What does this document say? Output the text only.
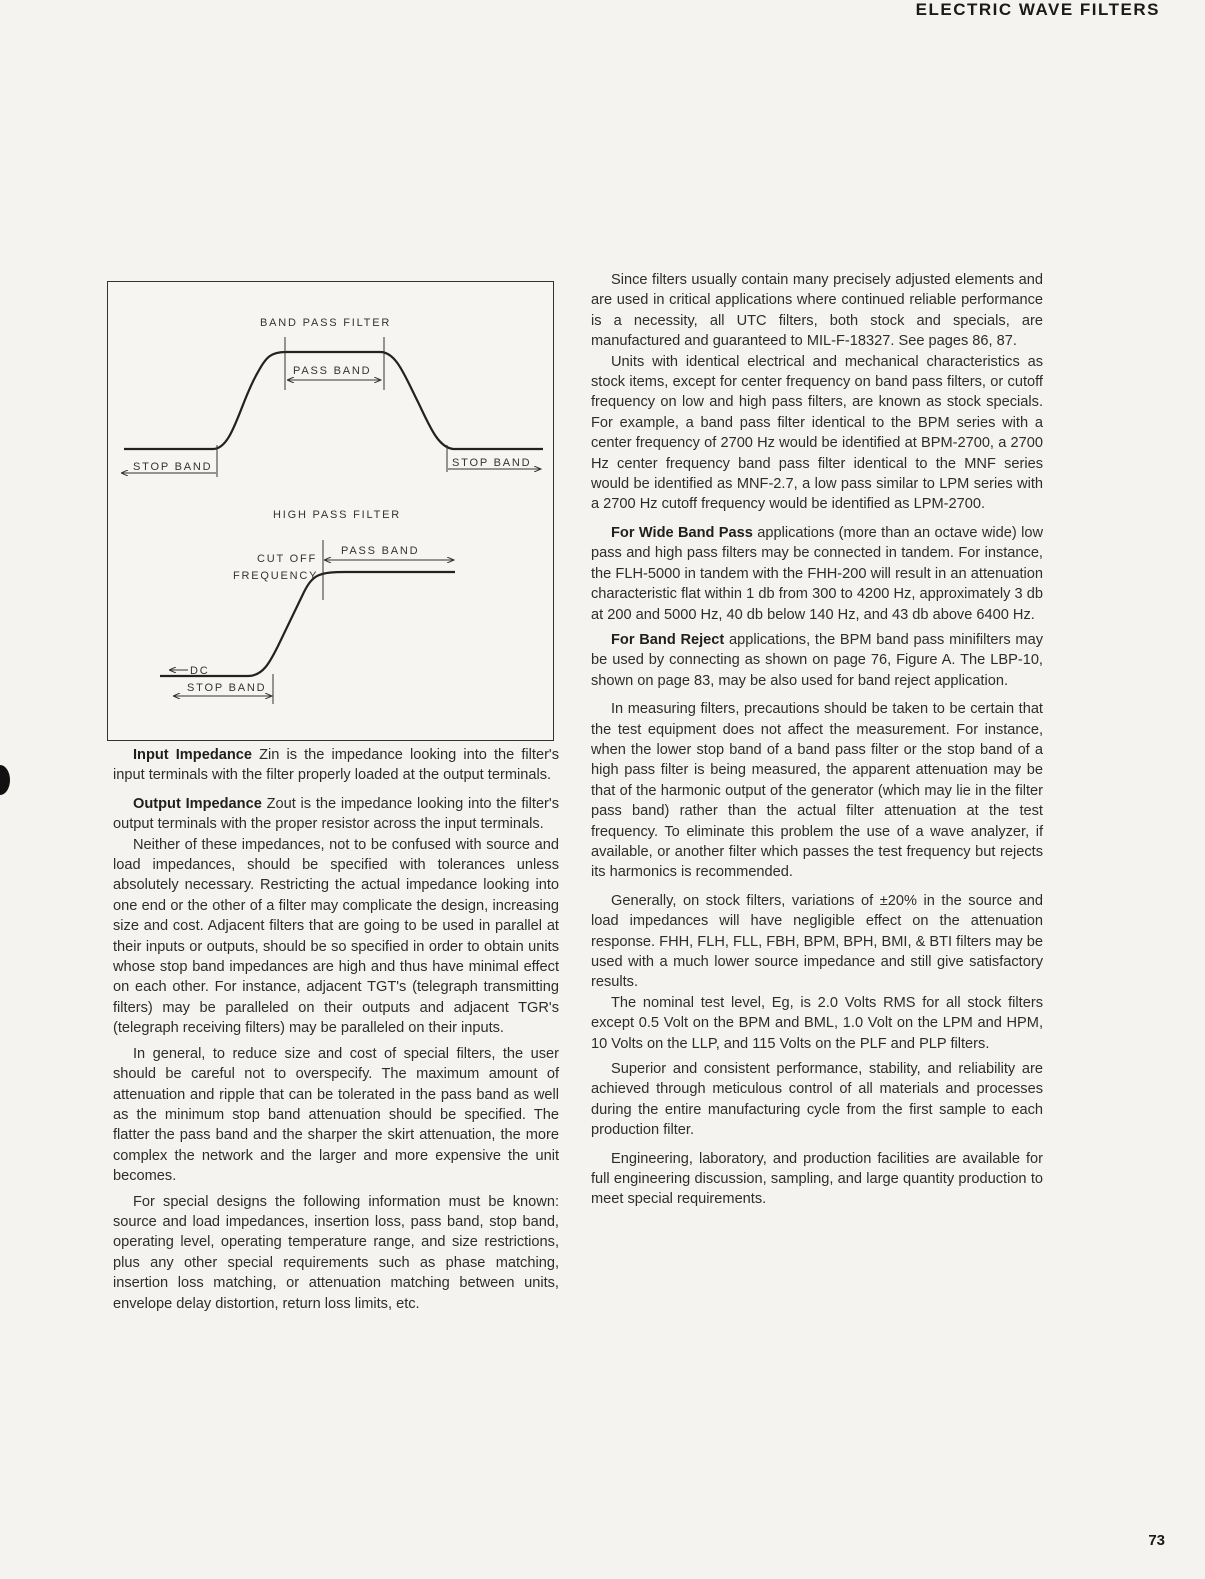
ELECTRIC WAVE FILTERS
BAND PASS FILTER
PASS BAND
STOP BAND	STOP BAND
HIGH PASS FILTER
PASS BAND
CUT OFF
FREQUENCY
DC
STOP BAND

Input Impedance Zin is the impedance looking into the filter's input terminals with the filter properly loaded at the output terminals.

Output Impedance Zout is the impedance looking into the filter's output terminals with the proper resistor across the input terminals.

Neither of these impedances, not to be confused with source and load impedances, should be specified with tolerances unless absolutely necessary. Restricting the actual impedance looking into one end or the other of a filter may complicate the design, increasing size and cost. Adjacent filters that are going to be used in parallel at their inputs or outputs, should be so specified in order to obtain units whose stop band impedances are high and thus have minimal effect on each other. For instance, adjacent TGT's (telegraph transmitting filters) may be paralleled on their outputs and adjacent TGR's (telegraph receiving filters) may be paralleled on their inputs.

In general, to reduce size and cost of special filters, the user should be careful not to overspecify. The maximum amount of attenuation and ripple that can be tolerated in the pass band as well as the minimum stop band attenuation should be specified. The flatter the pass band and the sharper the skirt attenuation, the more complex the network and the larger and more expensive the unit becomes.

For special designs the following information must be known: source and load impedances, insertion loss, pass band, stop band, operating level, operating temperature range, and size restrictions, plus any other special requirements such as phase matching, insertion loss matching, or attenuation matching between units, envelope delay distortion, return loss limits, etc.

Since filters usually contain many precisely adjusted elements and are used in critical applications where continued reliable performance is a necessity, all UTC filters, both stock and specials, are manufactured and guaranteed to MIL-F-18327. See pages 86, 87.

Units with identical electrical and mechanical characteristics as stock items, except for center frequency on band pass filters, or cutoff frequency on low and high pass filters, are known as stock specials. For example, a band pass filter identical to the BPM series with a center frequency of 2700 Hz would be identified at BPM-2700, a 2700 Hz center frequency band pass filter identical to the MNF series would be identified as MNF-2.7, a low pass similar to LPM series with a 2700 Hz cutoff frequency would be identified as LPM-2700.

For Wide Band Pass applications (more than an octave wide) low pass and high pass filters may be connected in tandem. For instance, the FLH-5000 in tandem with the FHH-200 will result in an attenuation characteristic flat within 1 db from 300 to 4200 Hz, approximately 3 db at 200 and 5000 Hz, 40 db below 140 Hz, and 43 db above 6400 Hz.

For Band Reject applications, the BPM band pass minifilters may be used by connecting as shown on page 76, Figure A. The LBP-10, shown on page 83, may be also used for band reject application.

In measuring filters, precautions should be taken to be certain that the test equipment does not affect the measurement. For instance, when the lower stop band of a band pass filter or the stop band of a high pass filter is being measured, the apparent attenuation may be that of the harmonic output of the generator (which may lie in the filter pass band) rather than the actual filter attenuation at the test frequency. To eliminate this problem the use of a wave analyzer, if available, or another filter which passes the test frequency but rejects its harmonics is recommended.

Generally, on stock filters, variations of ±20% in the source and load impedances will have negligible effect on the attenuation response. FHH, FLH, FLL, FBH, BPM, BPH, BMI, & BTI filters may be used with a much lower source impedance and still give satisfactory results.

The nominal test level, Eg, is 2.0 Volts RMS for all stock filters except 0.5 Volt on the BPM and BML, 1.0 Volt on the LPM and HPM, 10 Volts on the LLP, and 115 Volts on the PLF and PLP filters.

Superior and consistent performance, stability, and reliability are achieved through meticulous control of all materials and processes during the entire manufacturing cycle from the first sample to each production filter.

Engineering, laboratory, and production facilities are available for full engineering discussion, sampling, and large quantity production to meet special requirements.

73
